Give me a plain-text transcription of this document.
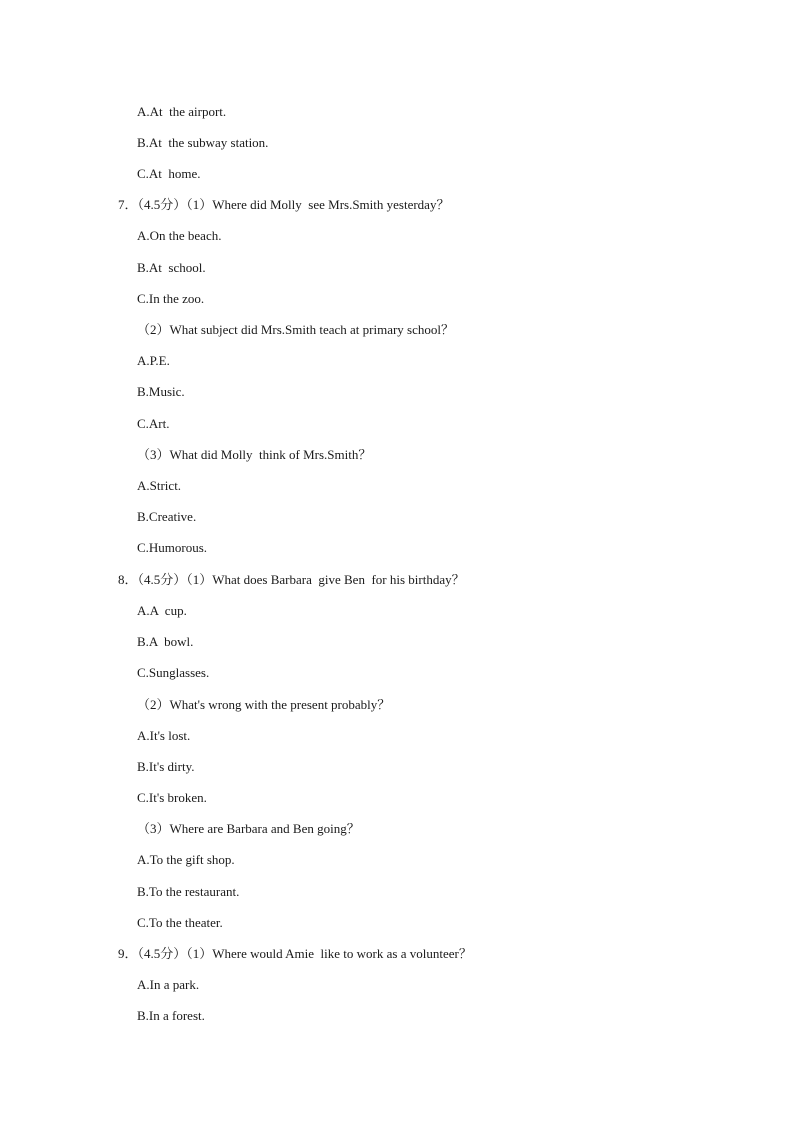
A.At  the airport.
B.At  the subway station.
C.At  home.
7．（4.5分）（1）Where did Molly  see Mrs.Smith yesterday？
A.On the beach.
B.At  school.
C.In the zoo.
（2）What subject did Mrs.Smith teach at primary school？
A.P.E.
B.Music.
C.Art.
（3）What did Molly  think of Mrs.Smith？
A.Strict.
B.Creative.
C.Humorous.
8．（4.5分）（1）What does Barbara  give Ben  for his birthday？
A.A  cup.
B.A  bowl.
C.Sunglasses.
（2）What's wrong with the present probably？
A.It's lost.
B.It's dirty.
C.It's broken.
（3）Where are Barbara and Ben going？
A.To the gift shop.
B.To the restaurant.
C.To the theater.
9．（4.5分）（1）Where would Amie  like to work as a volunteer？
A.In a park.
B.In a forest.
